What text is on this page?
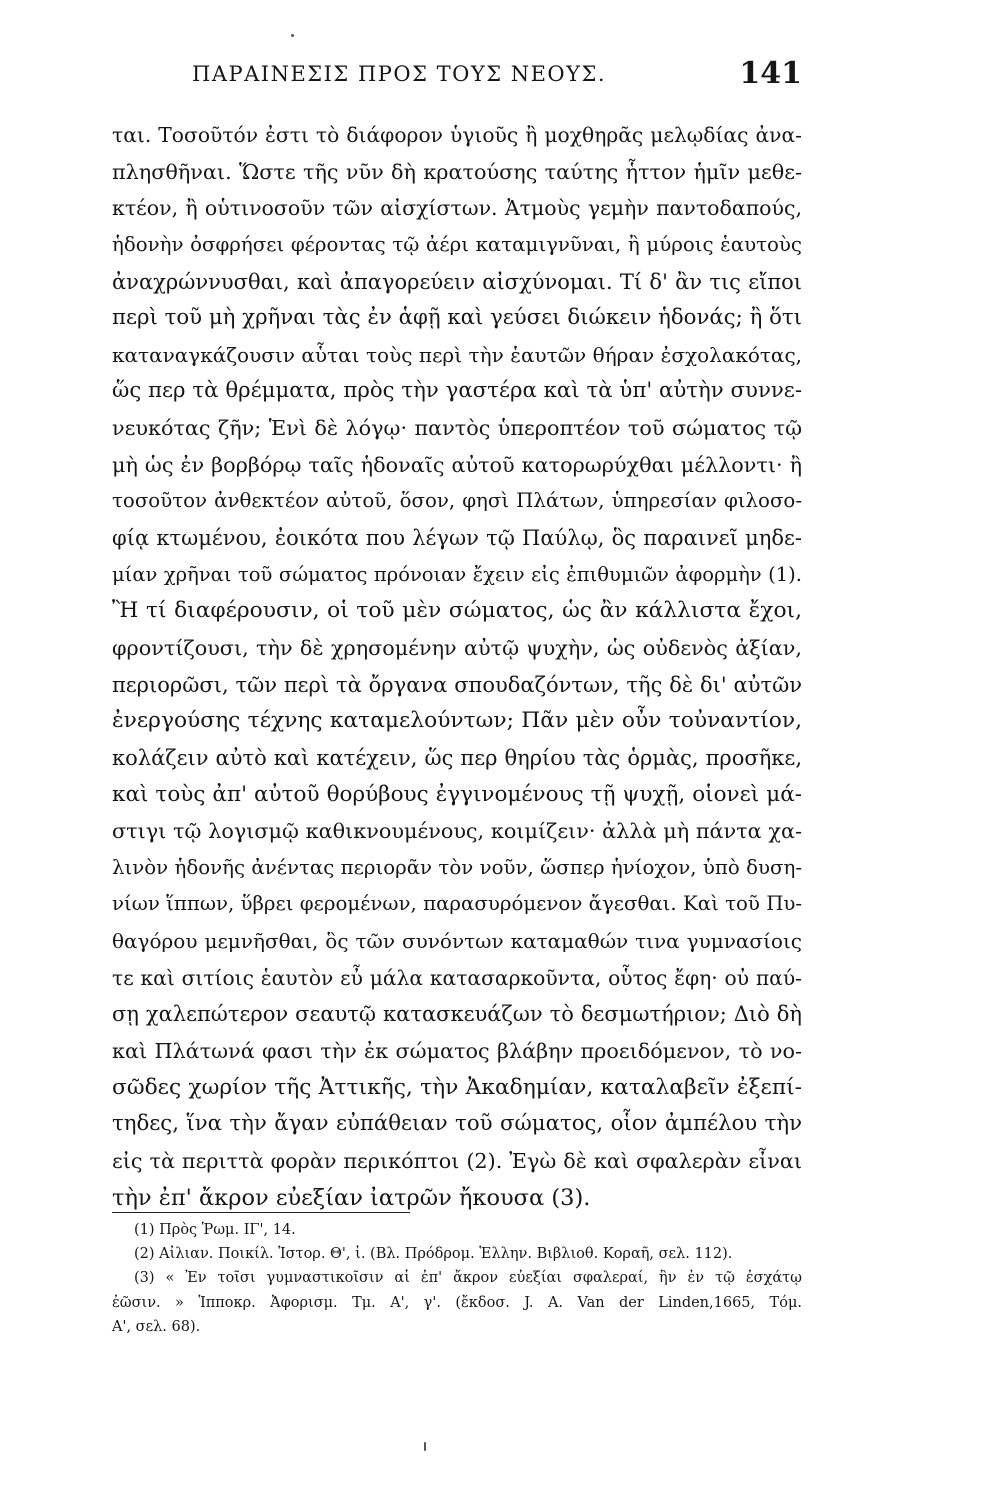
ΠΑΡΑΙΝΕΣΙΣ ΠΡΟΣ ΤΟΥΣ ΝΕΟΥΣ.	141
ται. Τοσοῦτόν ἐστι τὸ διάφορον ὑγιοῦς ἢ μοχθηρᾶς μελῳδίας ἀνα-
πλησθῆναι. Ὥστε τῆς νῦν δὴ κρατούσης ταύτης ἧττον ἡμῖν μεθε-
κτέον, ἢ οὑτινοσοῦν τῶν αἰσχίστων. Ἀτμοὺς γεμὴν παντοδαπούς,
ἡδονὴν ὀσφρήσει φέροντας τῷ ἀέρι καταμιγνῦναι, ἢ μύροις ἑαυτοὺς
ἀναχρώννυσθαι, καὶ ἀπαγορεύειν αἰσχύνομαι. Τί δ' ἂν τις εἴποι
περὶ τοῦ μὴ χρῆναι τὰς ἐν ἁφῇ καὶ γεύσει διώκειν ἡδονάς; ἢ ὅτι
καταναγκάζουσιν αὗται τοὺς περὶ τὴν ἑαυτῶν θήραν ἐσχολακότας,
ὥς περ τὰ θρέμματα, πρὸς τὴν γαστέρα καὶ τὰ ὑπ' αὐτὴν συννε-
νευκότας ζῆν; Ἑνὶ δὲ λόγῳ· παντὸς ὑπεροπτέον τοῦ σώματος τῷ
μὴ ὡς ἐν βορβόρῳ ταῖς ἡδοναῖς αὐτοῦ κατορωρύχθαι μέλλοντι· ἢ
τοσοῦτον ἀνθεκτέον αὐτοῦ, ὅσον, φησὶ Πλάτων, ὑπηρεσίαν φιλοσο-
φίᾳ κτωμένου, ἐοικότα που λέγων τῷ Παύλῳ, ὃς παραινεῖ μηδε-
μίαν χρῆναι τοῦ σώματος πρόνοιαν ἔχειν εἰς ἐπιθυμιῶν ἀφορμὴν (1).
Ἢ τί διαφέρουσιν, οἱ τοῦ μὲν σώματος, ὡς ἂν κάλλιστα ἔχοι,
φροντίζουσι, τὴν δὲ χρησομένην αὐτῷ ψυχὴν, ὡς οὐδενὸς ἀξίαν,
περιορῶσι, τῶν περὶ τὰ ὄργανα σπουδαζόντων, τῆς δὲ δι' αὐτῶν
ἐνεργούσης τέχνης καταμελούντων; Πᾶν μὲν οὖν τοὐναντίον,
κολάζειν αὐτὸ καὶ κατέχειν, ὥς περ θηρίου τὰς ὁρμὰς, προσῆκε,
καὶ τοὺς ἀπ' αὐτοῦ θορύβους ἐγγινομένους τῇ ψυχῇ, οἱονεὶ μά-
στιγι τῷ λογισμῷ καθικνουμένους, κοιμίζειν· ἀλλὰ μὴ πάντα χα-
λινὸν ἡδονῆς ἀνέντας περιορᾶν τὸν νοῦν, ὥσπερ ἡνίοχον, ὑπὸ δυση-
νίων ἵππων, ὕβρει φερομένων, παρασυρόμενον ἄγεσθαι. Καὶ τοῦ Πυ-
θαγόρου μεμνῆσθαι, ὃς τῶν συνόντων καταμαθών τινα γυμνασίοις
τε καὶ σιτίοις ἑαυτὸν εὖ μάλα κατασαρκοῦντα, οὗτος ἔφη· οὐ παύ-
σῃ χαλεπώτερον σεαυτῷ κατασκευάζων τὸ δεσμωτήριον; Διὸ δὴ
καὶ Πλάτωνά φασι τὴν ἐκ σώματος βλάβην προειδόμενον, τὸ νο-
σῶδες χωρίον τῆς Ἀττικῆς, τὴν Ἀκαδημίαν, καταλαβεῖν ἐξεπί-
τηδες, ἵνα τὴν ἄγαν εὐπάθειαν τοῦ σώματος, οἷον ἀμπέλου τὴν
εἰς τὰ περιττὰ φορὰν περικόπτοι (2). Ἐγὼ δὲ καὶ σφαλερὰν εἶναι
τὴν ἐπ' ἄκρον εὐεξίαν ἰατρῶν ἤκουσα (3).
(1) Πρὸς Ῥωμ. ΙΓ', 14.
(2) Αἰλιαν. Ποικίλ. Ἱστορ. Θ', ἰ. (Βλ. Πρόδρομ. Ἑλλην. Βιβλιοθ. Κοραῆ, σελ. 112).
(3) « Ἐν τοῖσι γυμναστικοῖσιν αἱ ἐπ' ἄκρον εὐεξίαι σφαλεραί, ἢν ἐν τῷ ἐσχάτῳ
ἐῶσιν. » Ἱπποκρ. Ἀφορισμ. Τμ. Α', γ'. (ἔκδοσ. J. A. Van der Linden,1665, Τόμ.
Α', σελ. 68).
